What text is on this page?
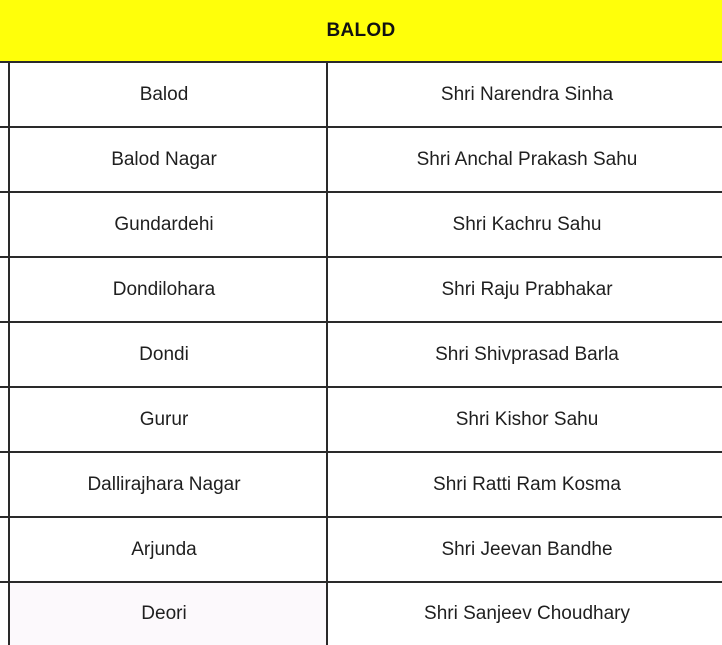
BALOD
Balod	Shri Narendra Sinha
Balod Nagar	Shri Anchal Prakash Sahu
Gundardehi	Shri Kachru Sahu
Dondilohara	Shri Raju Prabhakar
Dondi	Shri Shivprasad Barla
Gurur	Shri Kishor Sahu
Dallirajhara Nagar	Shri Ratti Ram Kosma
Arjunda	Shri Jeevan Bandhe
Deori	Shri Sanjeev Choudhary
